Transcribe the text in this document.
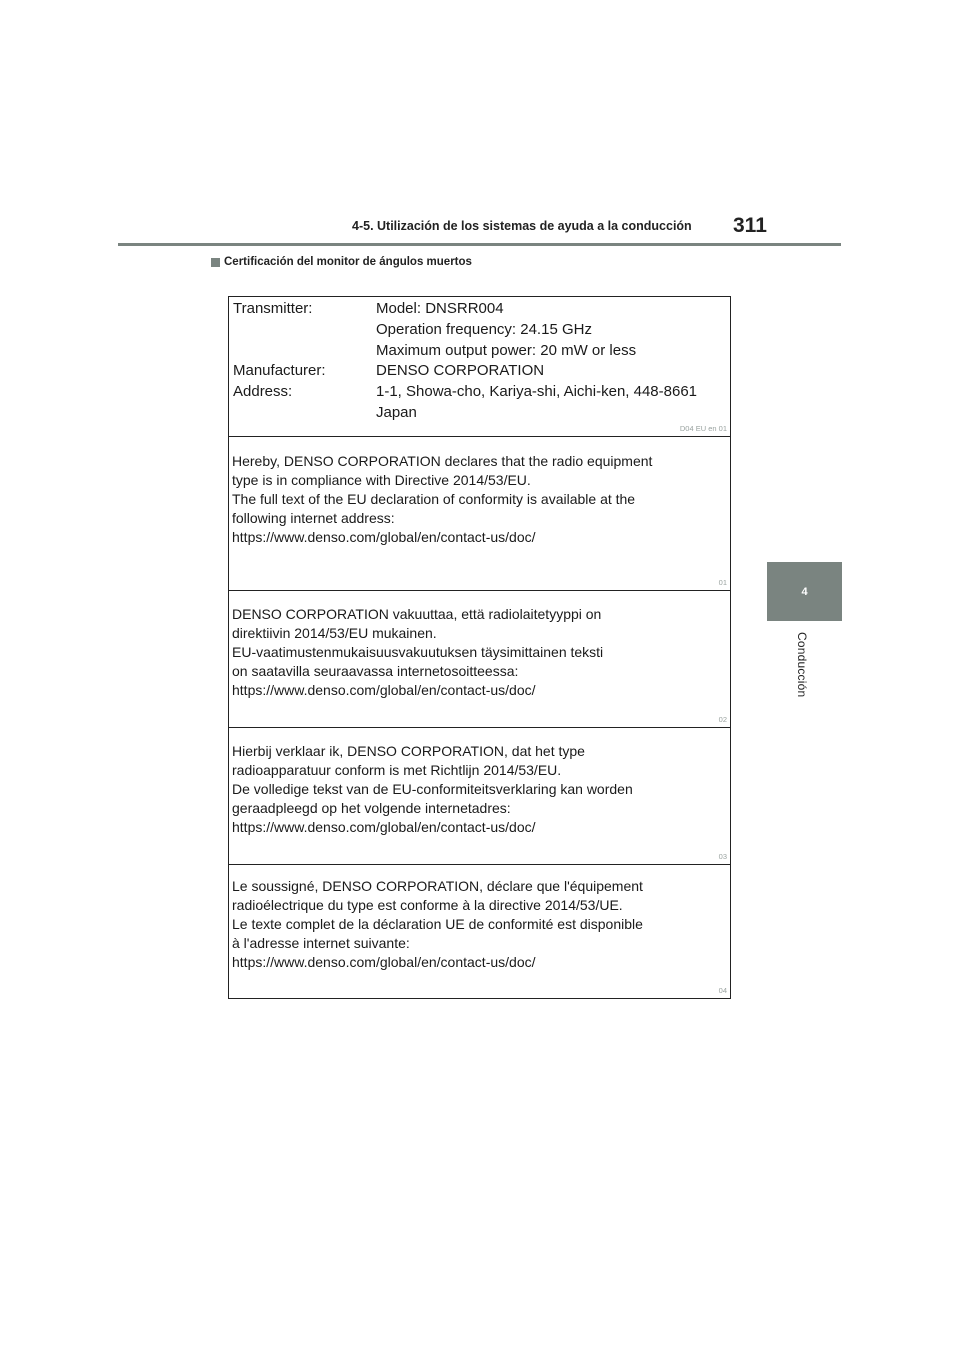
4-5. Utilización de los sistemas de ayuda a la conducción 311
Certificación del monitor de ángulos muertos
4
Conducción
Transmitter:	Model: DNSRR004
Operation frequency: 24.15 GHz
Maximum output power: 20 mW or less
Manufacturer:	DENSO CORPORATION
Address:	1-1, Showa-cho, Kariya-shi, Aichi-ken, 448-8661
Japan
D04 EU en 01

Hereby, DENSO CORPORATION declares that the radio equipment
type is in compliance with Directive 2014/53/EU.
The full text of the EU declaration of conformity is available at the
following internet address:
https://www.denso.com/global/en/contact-us/doc/

01

DENSO CORPORATION vakuuttaa, että radiolaitetyyppi on
direktiivin 2014/53/EU mukainen.
EU-vaatimustenmukaisuusvakuutuksen täysimittainen teksti
on saatavilla seuraavassa internetosoitteessa:
https://www.denso.com/global/en/contact-us/doc/

02

Hierbij verklaar ik, DENSO CORPORATION, dat het type
radioapparatuur conform is met Richtlijn 2014/53/EU.
De volledige tekst van de EU-conformiteitsverklaring kan worden
geraadpleegd op het volgende internetadres:
https://www.denso.com/global/en/contact-us/doc/

03

Le soussigné, DENSO CORPORATION, déclare que l'équipement
radioélectrique du type est conforme à la directive 2014/53/UE.
Le texte complet de la déclaration UE de conformité est disponible
à l'adresse internet suivante:
https://www.denso.com/global/en/contact-us/doc/

04
